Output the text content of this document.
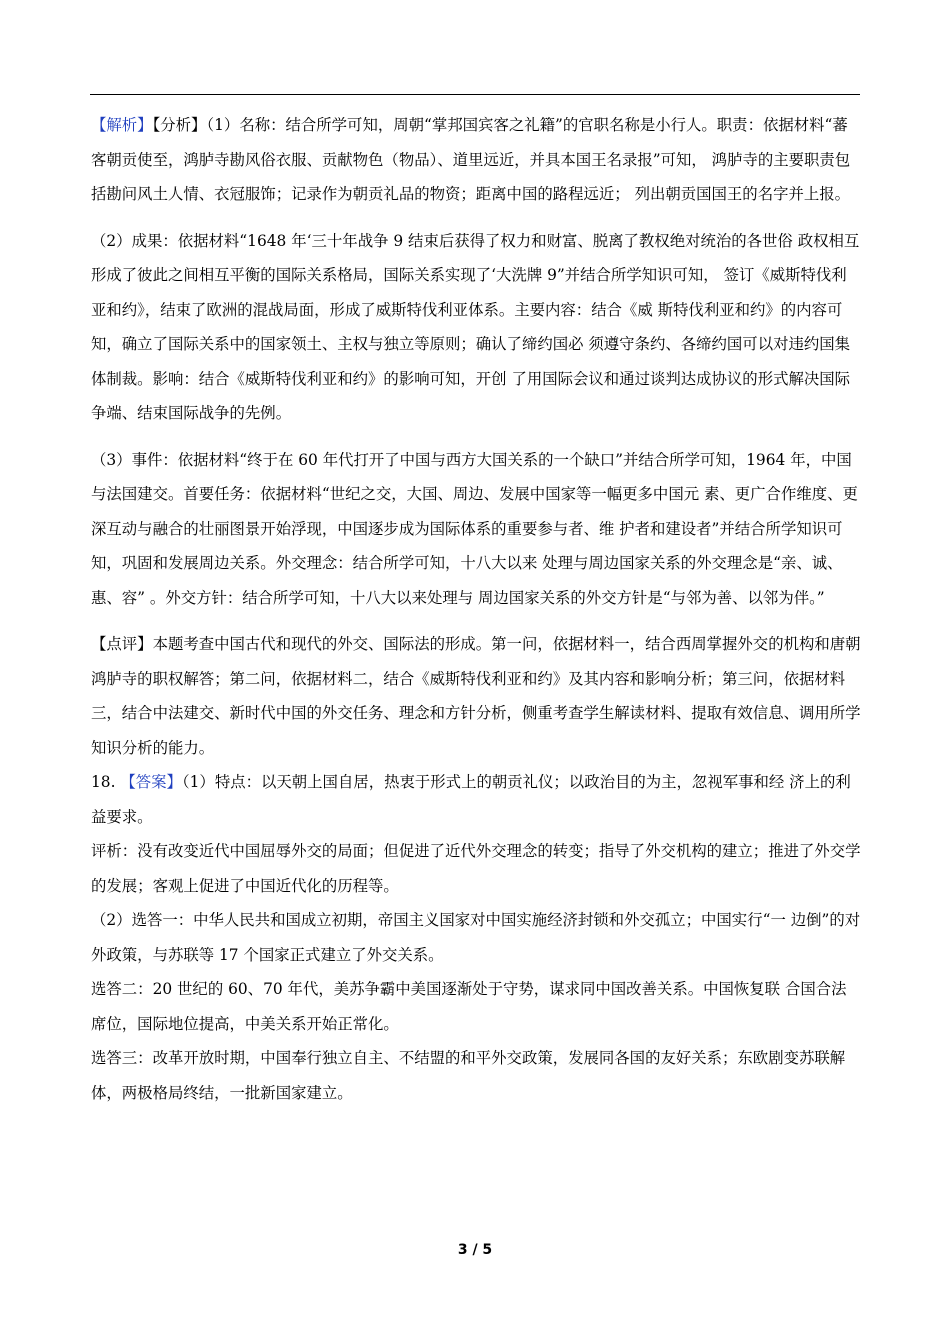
【解析】【分析】（1）名称：结合所学可知，周朝“掌邦国宾客之礼籍”的官职名称是小行人。职责：依据材料“蕃客朝贡使至，鸿胪寺勘风俗衣服、贡献物色（物品）、道里远近，并具本国王名录报”可知， 鸿胪寺的主要职责包括勘问风土人情、衣冠服饰；记录作为朝贡礼品的物资；距离中国的路程远近； 列出朝贡国国王的名字并上报。

（2）成果：依据材料“1648 年‘三十年战争 9 结束后获得了权力和财富、脱离了教权绝对统治的各世俗 政权相互形成了彼此之间相互平衡的国际关系格局，国际关系实现了‘大洗牌 9”并结合所学知识可知， 签订《威斯特伐利亚和约》，结束了欧洲的混战局面，形成了威斯特伐利亚体系。主要内容：结合《威 斯特伐利亚和约》的内容可知，确立了国际关系中的国家领土、主权与独立等原则；确认了缔约国必 须遵守条约、各缔约国可以对违约国集体制裁。影响：结合《威斯特伐利亚和约》的影响可知，开创 了用国际会议和通过谈判达成协议的形式解决国际争端、结束国际战争的先例。

（3）事件：依据材料“终于在 60 年代打开了中国与西方大国关系的一个缺口”并结合所学可知，1964 年，中国与法国建交。首要任务：依据材料“世纪之交，大国、周边、发展中国家等一幅更多中国元 素、更广合作维度、更深互动与融合的壮丽图景开始浮现，中国逐步成为国际体系的重要参与者、维 护者和建设者”并结合所学知识可知，巩固和发展周边关系。外交理念：结合所学可知，十八大以来 处理与周边国家关系的外交理念是“亲、诚、惠、容” 。外交方针：结合所学可知，十八大以来处理与 周边国家关系的外交方针是“与邻为善、以邻为伴。”

【点评】本题考查中国古代和现代的外交、国际法的形成。第一问，依据材料一，结合西周掌握外交的机构和唐朝鸿胪寺的职权解答；第二问，依据材料二，结合《威斯特伐利亚和约》及其内容和影响分析；第三问，依据材料三，结合中法建交、新时代中国的外交任务、理念和方针分析，侧重考查学生解读材料、提取有效信息、调用所学知识分析的能力。

18. 【答案】（1）特点：以天朝上国自居，热衷于形式上的朝贡礼仪；以政治目的为主，忽视军事和经 济上的利益要求。

评析：没有改变近代中国屈辱外交的局面；但促进了近代外交理念的转变；指导了外交机构的建立；推进了外交学的发展；客观上促进了中国近代化的历程等。

（2）选答一：中华人民共和国成立初期，帝国主义国家对中国实施经济封锁和外交孤立；中国实行“一 边倒”的对外政策，与苏联等 17 个国家正式建立了外交关系。

选答二：20 世纪的 60、70 年代，美苏争霸中美国逐渐处于守势，谋求同中国改善关系。中国恢复联 合国合法席位，国际地位提高，中美关系开始正常化。

选答三：改革开放时期，中国奉行独立自主、不结盟的和平外交政策，发展同各国的友好关系；东欧剧变苏联解体，两极格局终结，一批新国家建立。

3 / 5
